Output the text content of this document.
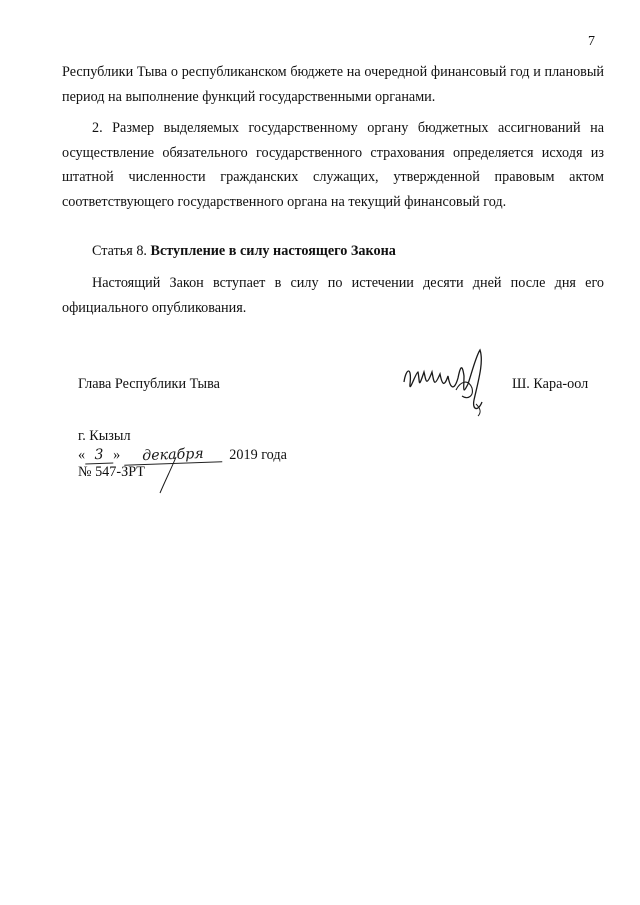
7
Республики Тыва о республиканском бюджете на очередной финансовый год и плановый период на выполнение функций государственными органами.
2. Размер выделяемых государственному органу бюджетных ассигнований на осуществление обязательного государственного страхования определяется исходя из штатной численности гражданских служащих, утвержденной правовым актом соответствующего государственного органа на текущий финансовый год.
Статья 8. Вступление в силу настоящего Закона
Настоящий Закон вступает в силу по истечении десяти дней после дня его официального опубликования.
Глава Республики Тыва	Ш. Кара-оол
г. Кызыл
« 3 » декабря 2019 года
№ 547-ЗРТ
